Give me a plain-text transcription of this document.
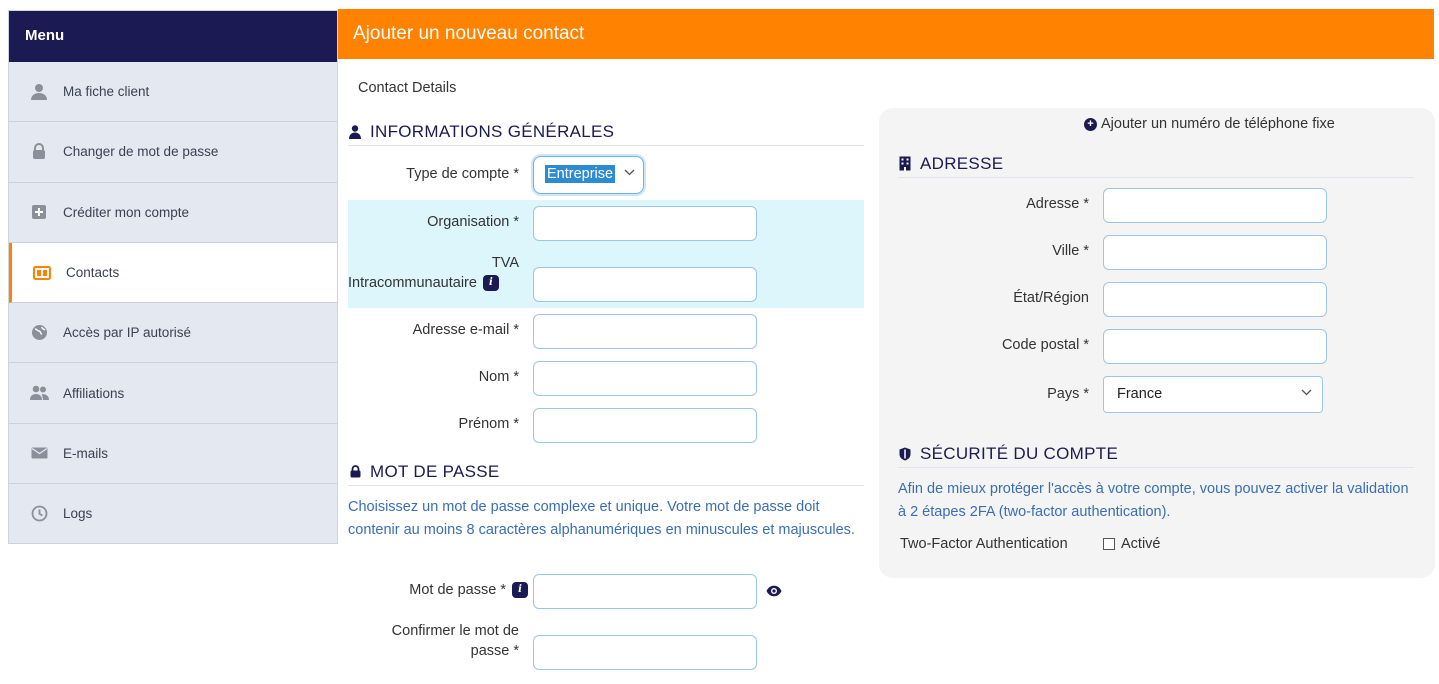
Menu
Ma fiche client
Changer de mot de passe
Créditer mon compte
Contacts
Accès par IP autorisé
Affiliations
E-mails
Logs
Ajouter un nouveau contact
Contact Details
INFORMATIONS GÉNÉRALES
Type de compte * Entreprise
Organisation *
TVA
Intracommunautaire i
Adresse e-mail *
Nom *
Prénom *
MOT DE PASSE
Choisissez un mot de passe complexe et unique. Votre mot de passe doit contenir au moins 8 caractères alphanumériques en minuscules et majuscules.
Mot de passe * i
Confirmer le mot de
passe *
+ Ajouter un numéro de téléphone fixe
ADRESSE
Adresse *
Ville *
État/Région
Code postal *
Pays *	France
SÉCURITÉ DU COMPTE
Afin de mieux protéger l'accès à votre compte, vous pouvez activer la validation à 2 étapes 2FA (two-factor authentication).
Two-Factor Authentication	Activé
